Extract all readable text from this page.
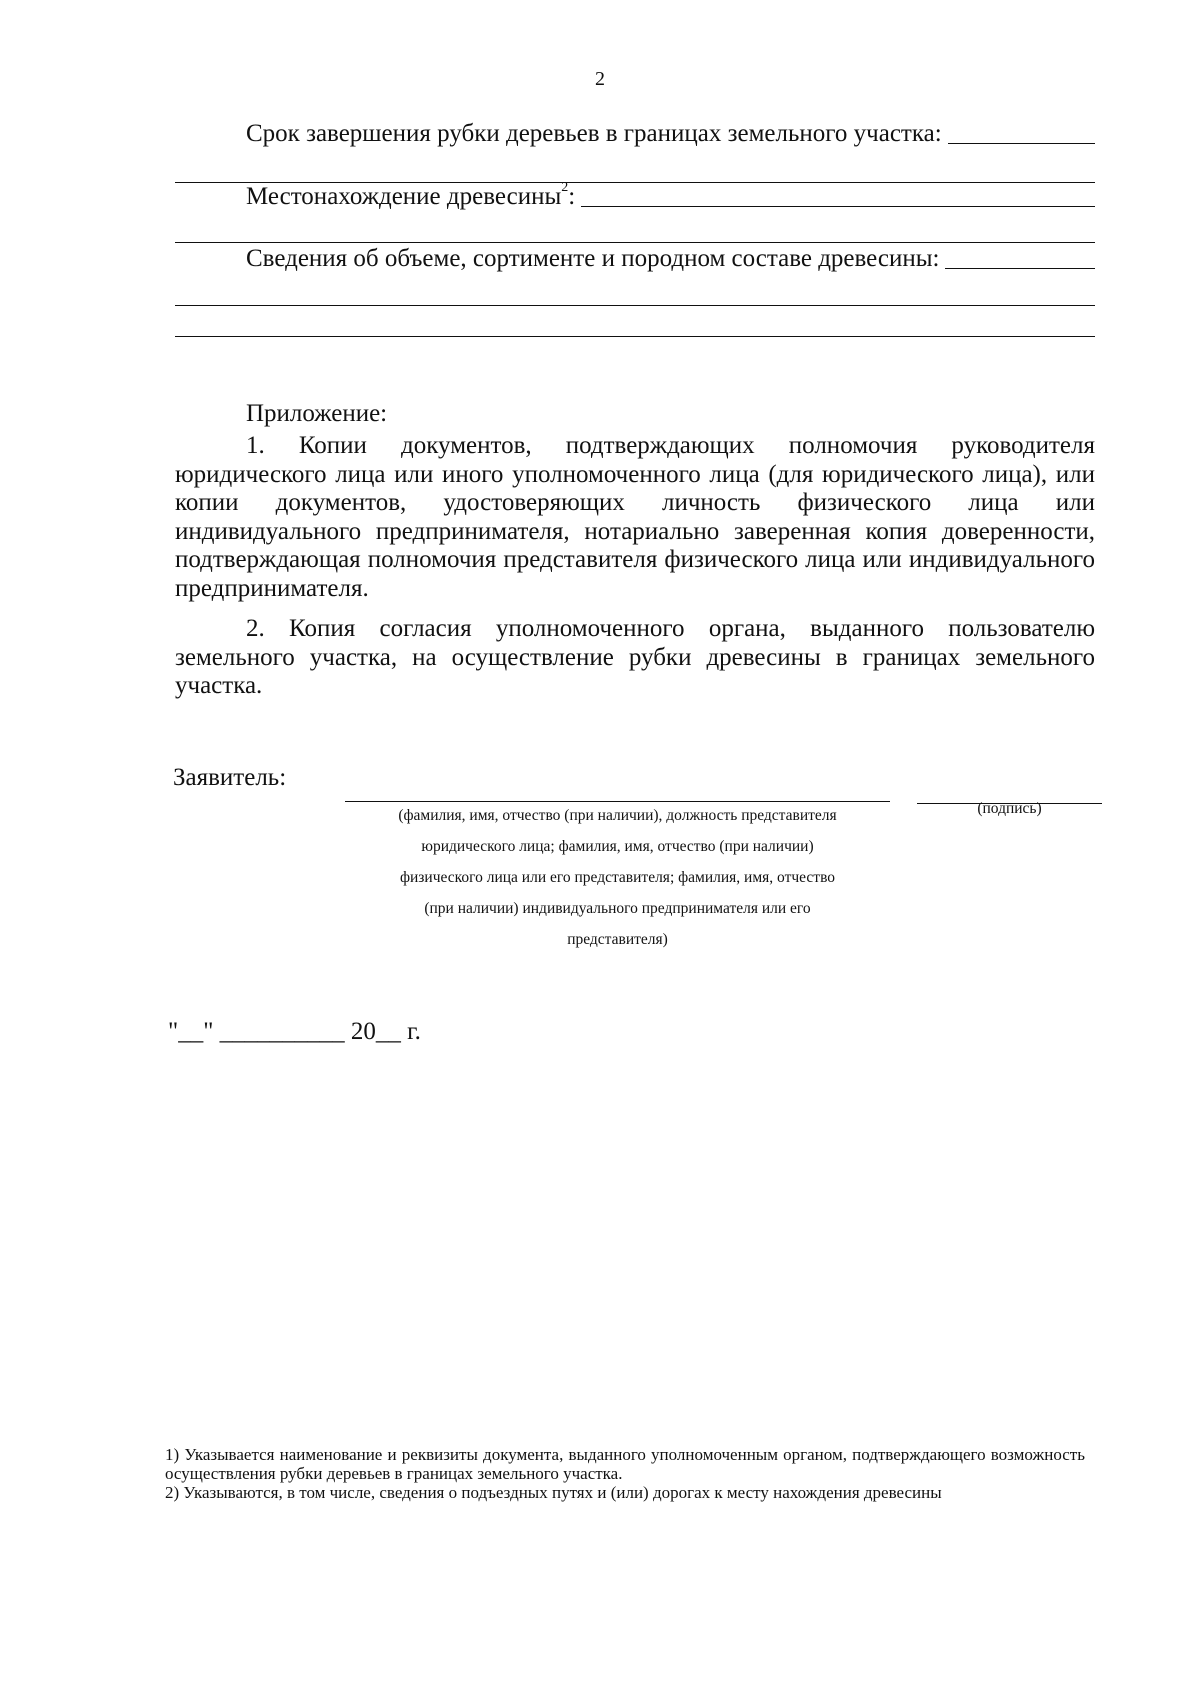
2
Срок завершения рубки деревьев в границах земельного участка:
Местонахождение древесины$^2$:
Сведения об объеме, сортименте и породном составе древесины:
Приложение:

1. Копии документов, подтверждающих полномочия руководителя юридического лица или иного уполномоченного лица (для юридического лица), или копии документов, удостоверяющих личность физического лица или индивидуального предпринимателя, нотариально заверенная копия доверенности, подтверждающая полномочия представителя физического лица или индивидуального предпринимателя.

2. Копия согласия уполномоченного органа, выданного пользователю земельного участка, на осуществление рубки древесины в границах земельного участка.

Заявитель:
(фамилия, имя, отчество (при наличии), должность представителя
юридического лица; фамилия, имя, отчество (при наличии)
физического лица или его представителя; фамилия, имя, отчество
(при наличии) индивидуального предпринимателя или его
представителя)
(подпись)
"__" __________ 20__ г.

1) Указывается наименование и реквизиты документа, выданного уполномоченным органом, подтверждающего возможность осуществления рубки деревьев в границах земельного участка.

2) Указываются, в том числе, сведения о подъездных путях и (или) дорогах к месту нахождения древесины
